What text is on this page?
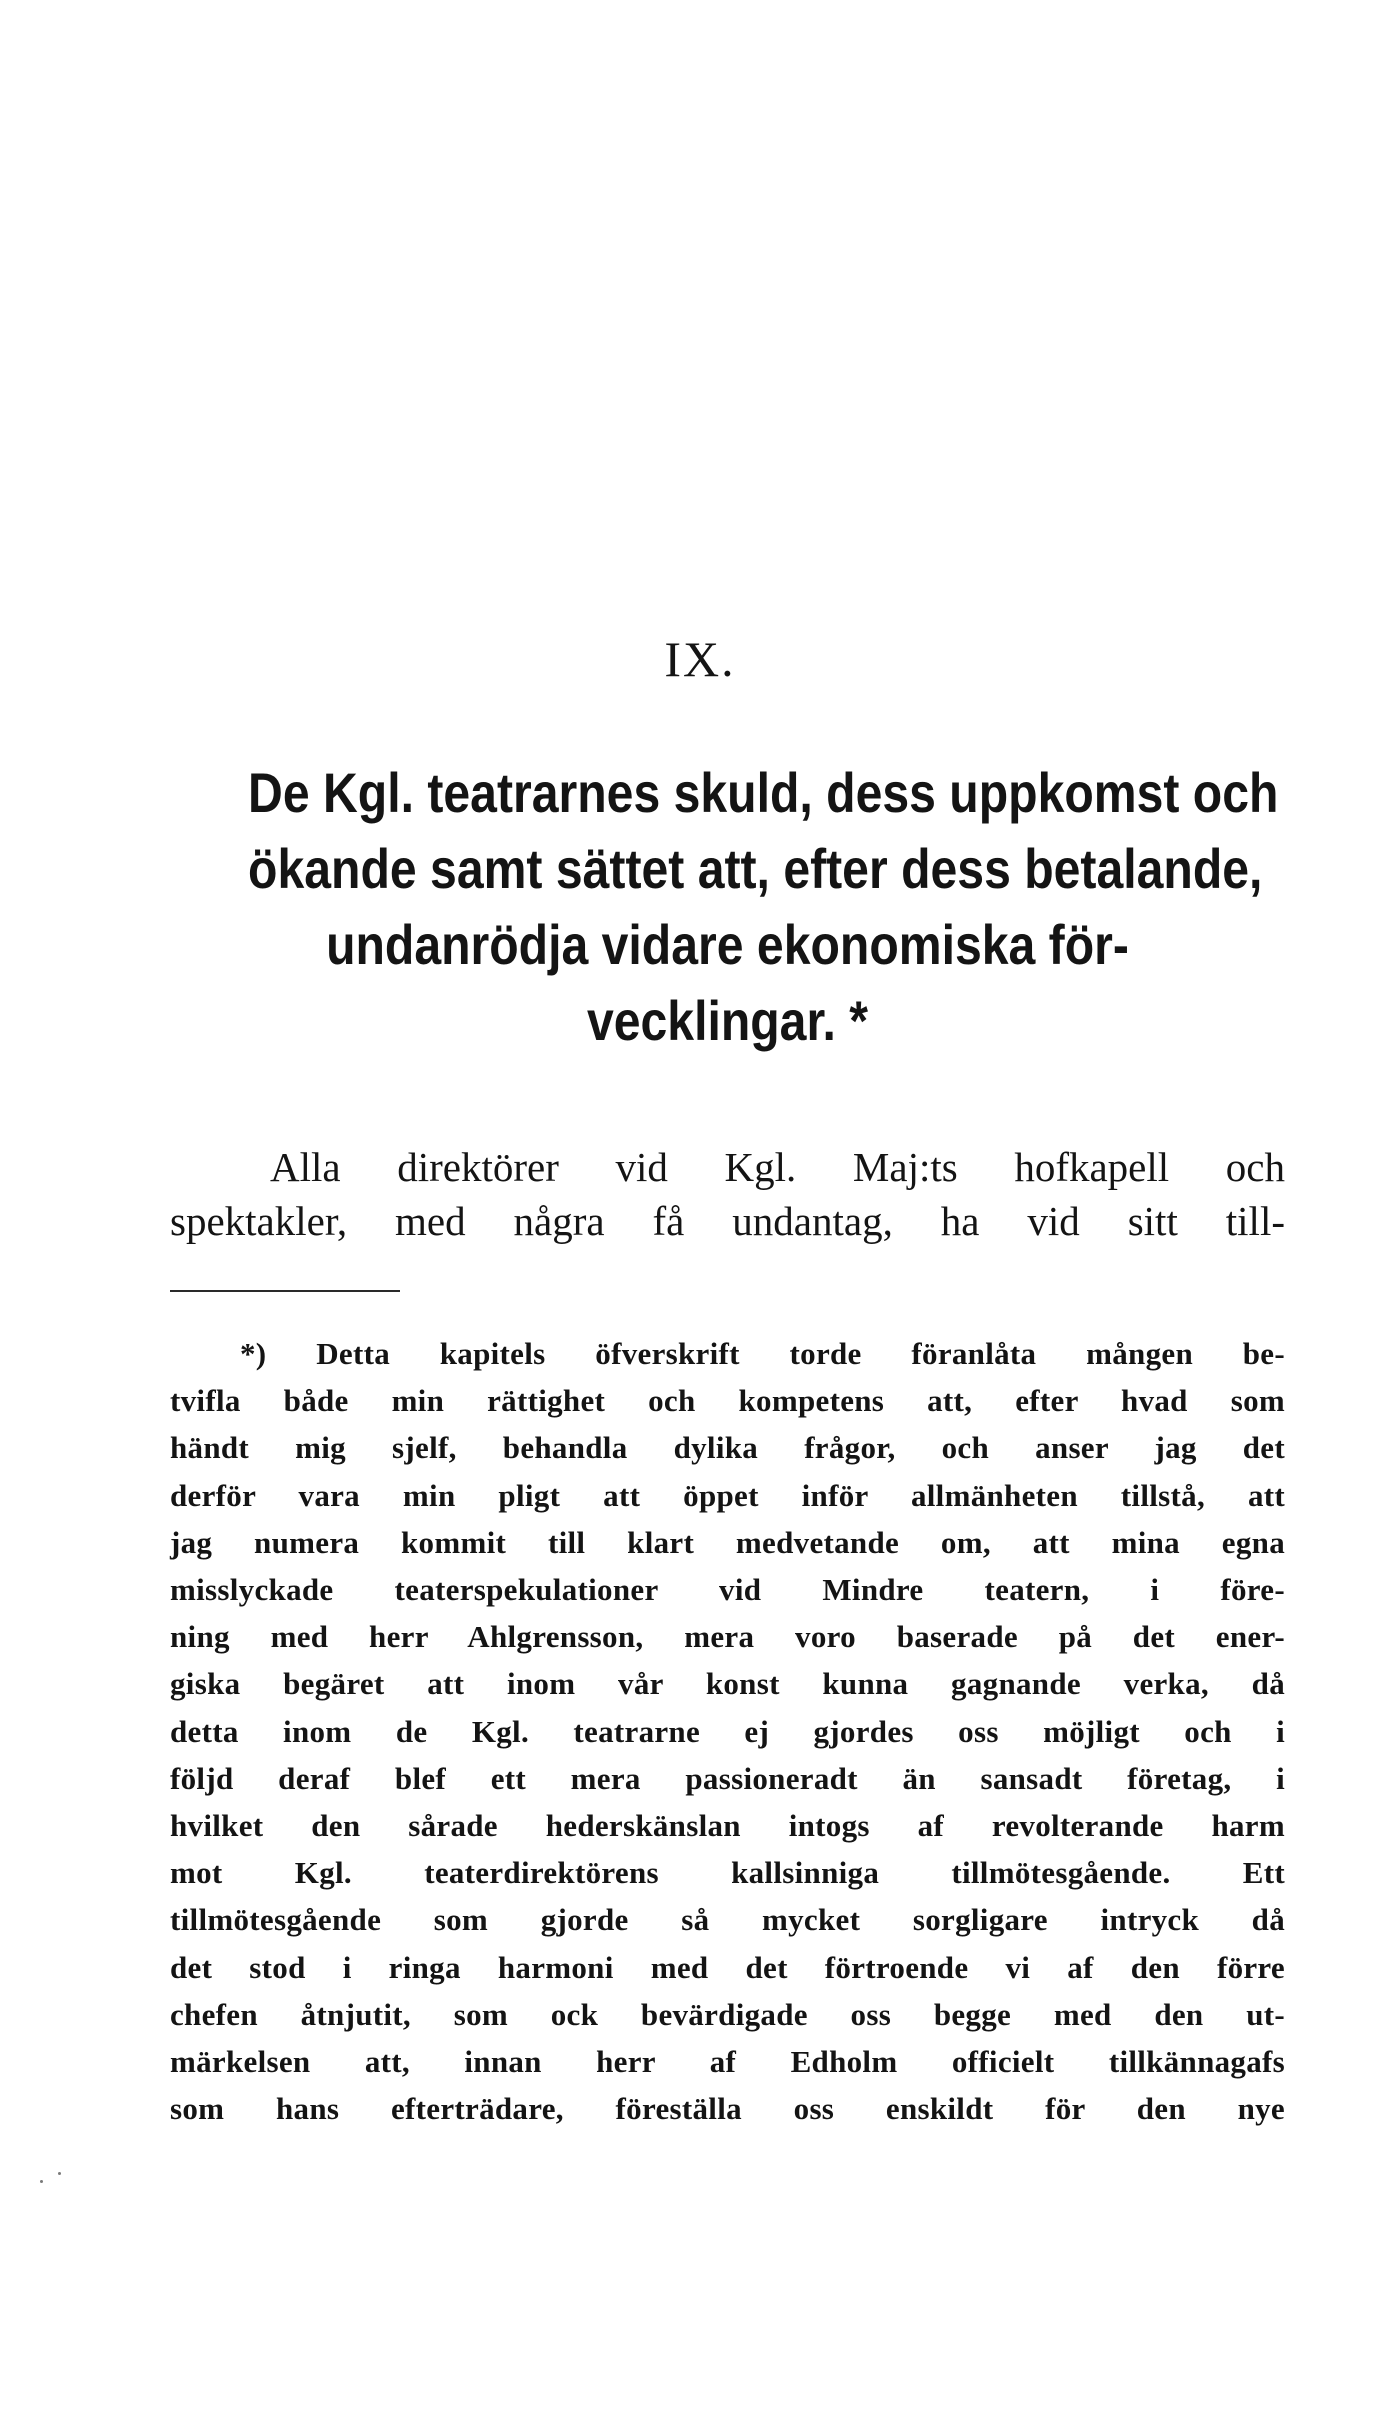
IX.
De Kgl. teatrarnes skuld, dess uppkomst och
ökande samt sättet att, efter dess betalande,
undanrödja vidare ekonomiska för-
vecklingar. *
Alla direktörer vid Kgl. Maj:ts hofkapell och
spektakler, med några få undantag, ha vid sitt till-
*) Detta kapitels öfverskrift torde föranlåta mången be-
tvifla både min rättighet och kompetens att, efter hvad som
händt mig sjelf, behandla dylika frågor, och anser jag det
derför vara min pligt att öppet inför allmänheten tillstå, att
jag numera kommit till klart medvetande om, att mina egna
misslyckade teaterspekulationer vid Mindre teatern, i före-
ning med herr Ahlgrensson, mera voro baserade på det ener-
giska begäret att inom vår konst kunna gagnande verka, då
detta inom de Kgl. teatrarne ej gjordes oss möjligt och i
följd deraf blef ett mera passioneradt än sansadt företag, i
hvilket den sårade hederskänslan intogs af revolterande harm
mot Kgl. teaterdirektörens kallsinniga tillmötesgående. Ett
tillmötesgående som gjorde så mycket sorgligare intryck då
det stod i ringa harmoni med det förtroende vi af den förre
chefen åtnjutit, som ock bevärdigade oss begge med den ut-
märkelsen att, innan herr af Edholm officielt tillkännagafs
som hans efterträdare, föreställa oss enskildt för den nye
